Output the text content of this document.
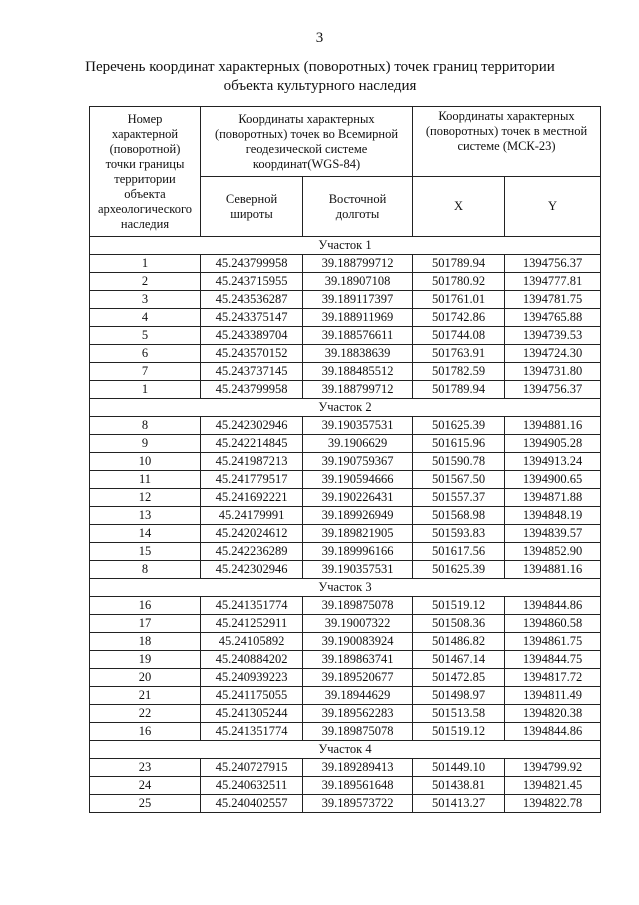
3
Перечень координат характерных (поворотных) точек границ территории
объекта культурного наследия
Номер характерной (поворотной) точки границы территории объекта археологического наследия	Координаты характерных (поворотных) точек во Всемирной геодезической системе координат(WGS-84)		Координаты характерных (поворотных) точек в местной системе (МСК-23)	
	Северной широты	Восточной долготы	X	Y
Участок 1				
1	45.243799958	39.188799712	501789.94	1394756.37
2	45.243715955	39.18907108	501780.92	1394777.81
3	45.243536287	39.189117397	501761.01	1394781.75
4	45.243375147	39.188911969	501742.86	1394765.88
5	45.243389704	39.188576611	501744.08	1394739.53
6	45.243570152	39.18838639	501763.91	1394724.30
7	45.243737145	39.188485512	501782.59	1394731.80
1	45.243799958	39.188799712	501789.94	1394756.37
Участок 2				
8	45.242302946	39.190357531	501625.39	1394881.16
9	45.242214845	39.1906629	501615.96	1394905.28
10	45.241987213	39.190759367	501590.78	1394913.24
11	45.241779517	39.190594666	501567.50	1394900.65
12	45.241692221	39.190226431	501557.37	1394871.88
13	45.24179991	39.189926949	501568.98	1394848.19
14	45.242024612	39.189821905	501593.83	1394839.57
15	45.242236289	39.189996166	501617.56	1394852.90
8	45.242302946	39.190357531	501625.39	1394881.16
Участок 3				
16	45.241351774	39.189875078	501519.12	1394844.86
17	45.241252911	39.19007322	501508.36	1394860.58
18	45.24105892	39.190083924	501486.82	1394861.75
19	45.240884202	39.189863741	501467.14	1394844.75
20	45.240939223	39.189520677	501472.85	1394817.72
21	45.241175055	39.18944629	501498.97	1394811.49
22	45.241305244	39.189562283	501513.58	1394820.38
16	45.241351774	39.189875078	501519.12	1394844.86
Участок 4				
23	45.240727915	39.189289413	501449.10	1394799.92
24	45.240632511	39.189561648	501438.81	1394821.45
25	45.240402557	39.189573722	501413.27	1394822.78
